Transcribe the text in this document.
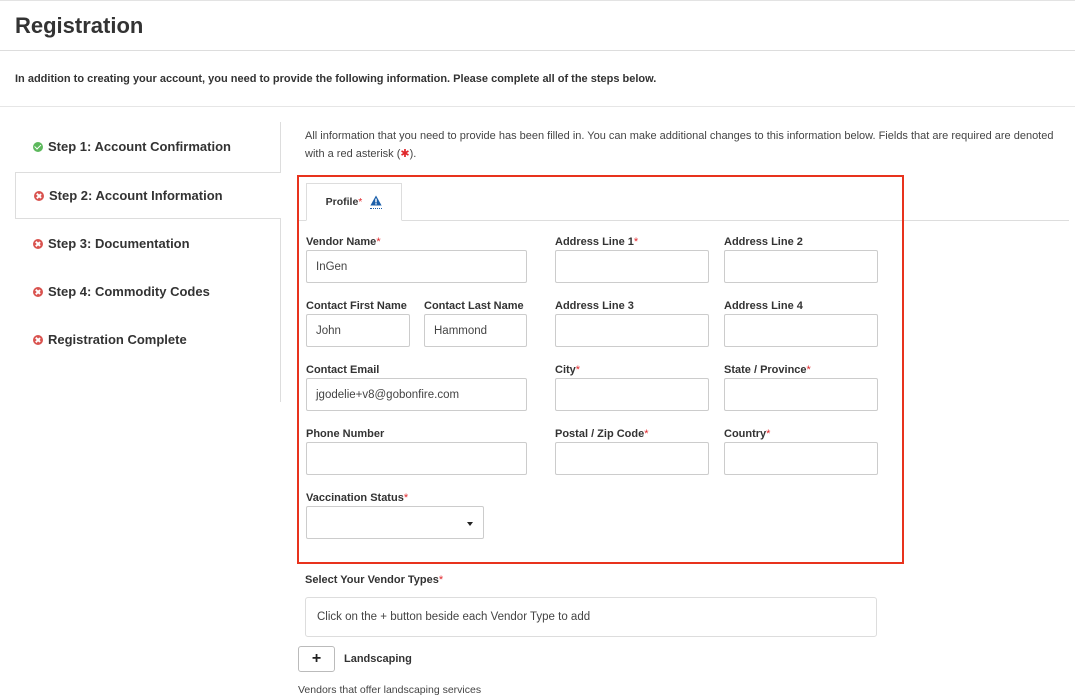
Registration

In addition to creating your account, you need to provide the following information. Please complete all of the steps below.

Step 1: Account Confirmation
Step 2: Account Information
Step 3: Documentation
Step 4: Commodity Codes
Registration Complete

All information that you need to provide has been filled in. You can make additional changes to this information below. Fields that are required are denoted with a red asterisk (✱).

Profile *
Vendor Name*
InGen
Contact First Name
John
Contact Last Name
Hammond
Contact Email
jgodelie+v8@gobonfire.com
Phone Number
Vaccination Status*
Address Line 1*
Address Line 3
City*
Postal / Zip Code*
Address Line 2
Address Line 4
State / Province*
Country*
Select Your Vendor Types*
Click on the + button beside each Vendor Type to add
+	Landscaping
Vendors that offer landscaping services
